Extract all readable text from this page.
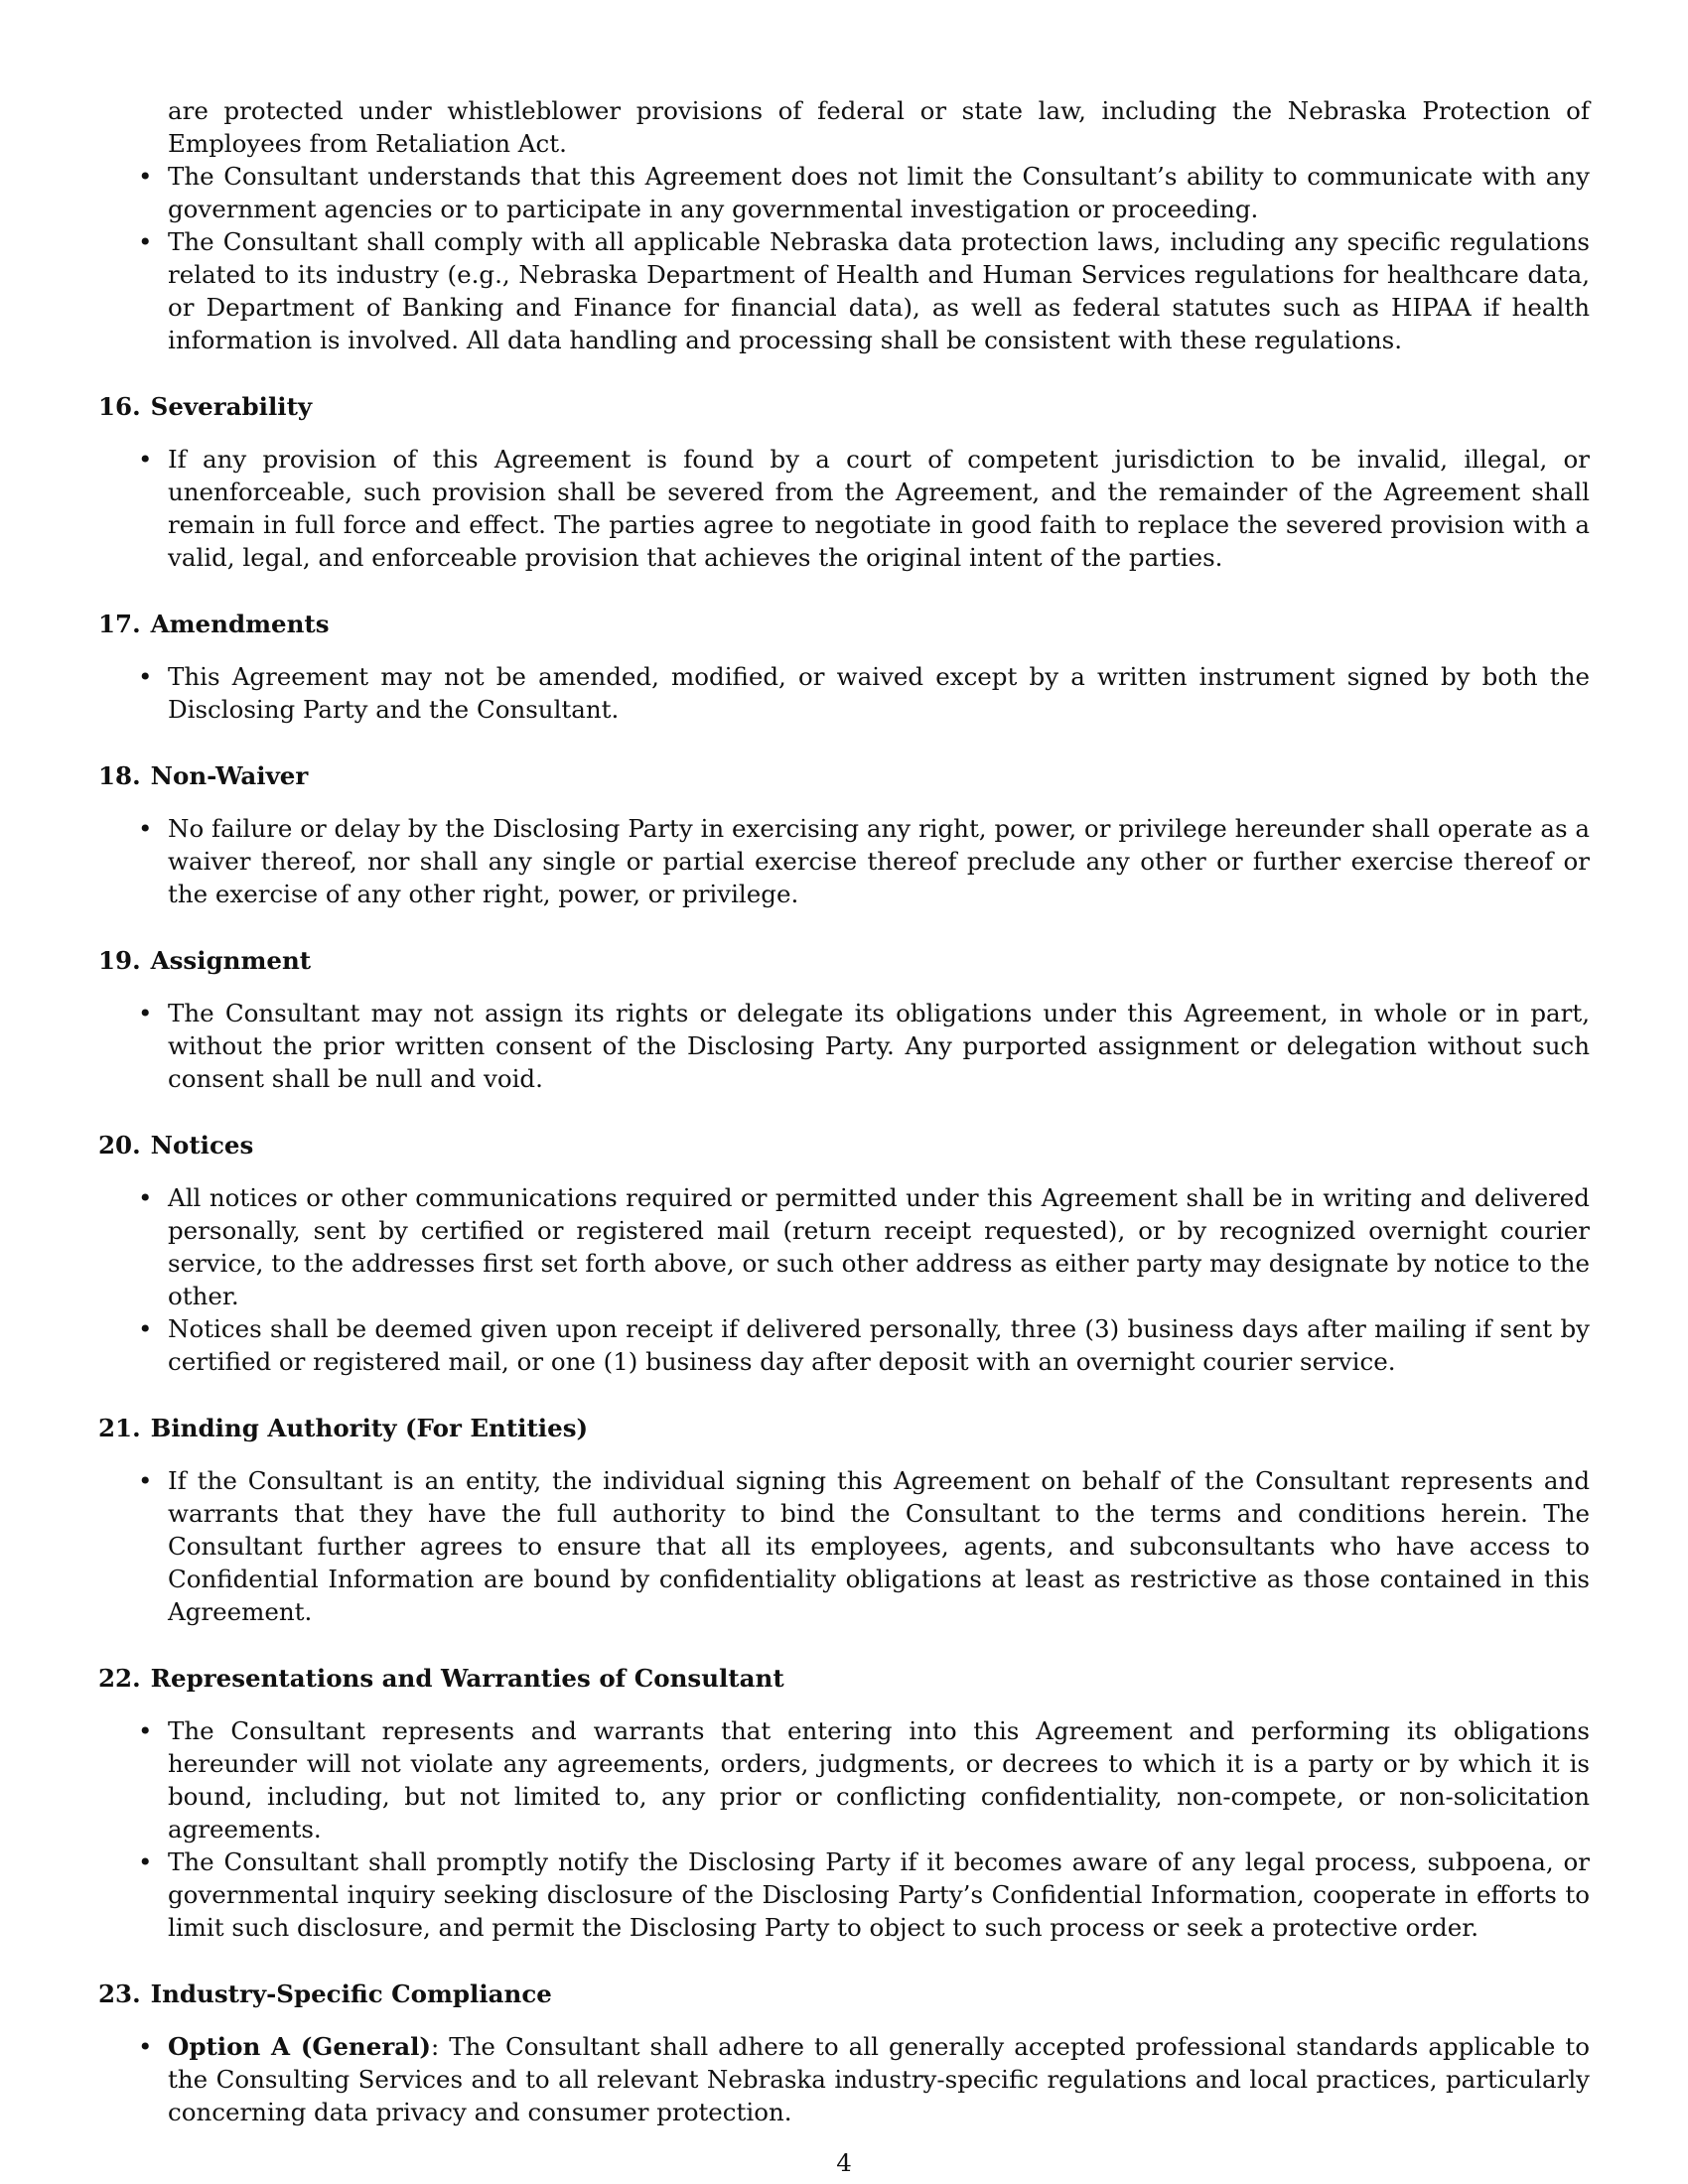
are protected under whistleblower provisions of federal or state law, including the Nebraska Protection of Employees from Retaliation Act.
• The Consultant understands that this Agreement does not limit the Consultant’s ability to communicate with any government agencies or to participate in any governmental investigation or proceeding.
• The Consultant shall comply with all applicable Nebraska data protection laws, including any specific regulations related to its industry (e.g., Nebraska Department of Health and Human Services regulations for healthcare data, or Department of Banking and Finance for financial data), as well as federal statutes such as HIPAA if health information is involved. All data handling and processing shall be consistent with these regulations.
16. Severability
• If any provision of this Agreement is found by a court of competent jurisdiction to be invalid, illegal, or unenforceable, such provision shall be severed from the Agreement, and the remainder of the Agreement shall remain in full force and effect. The parties agree to negotiate in good faith to replace the severed provision with a valid, legal, and enforceable provision that achieves the original intent of the parties.
17. Amendments
• This Agreement may not be amended, modified, or waived except by a written instrument signed by both the Disclosing Party and the Consultant.
18. Non-Waiver
• No failure or delay by the Disclosing Party in exercising any right, power, or privilege hereunder shall operate as a waiver thereof, nor shall any single or partial exercise thereof preclude any other or further exercise thereof or the exercise of any other right, power, or privilege.
19. Assignment
• The Consultant may not assign its rights or delegate its obligations under this Agreement, in whole or in part, without the prior written consent of the Disclosing Party. Any purported assignment or delegation without such consent shall be null and void.
20. Notices
• All notices or other communications required or permitted under this Agreement shall be in writing and delivered personally, sent by certified or registered mail (return receipt requested), or by recognized overnight courier service, to the addresses first set forth above, or such other address as either party may designate by notice to the other.
• Notices shall be deemed given upon receipt if delivered personally, three (3) business days after mailing if sent by certified or registered mail, or one (1) business day after deposit with an overnight courier service.
21. Binding Authority (For Entities)
• If the Consultant is an entity, the individual signing this Agreement on behalf of the Consultant represents and warrants that they have the full authority to bind the Consultant to the terms and conditions herein. The Consultant further agrees to ensure that all its employees, agents, and subconsultants who have access to Confidential Information are bound by confidentiality obligations at least as restrictive as those contained in this Agreement.
22. Representations and Warranties of Consultant
• The Consultant represents and warrants that entering into this Agreement and performing its obligations hereunder will not violate any agreements, orders, judgments, or decrees to which it is a party or by which it is bound, including, but not limited to, any prior or conflicting confidentiality, non-compete, or non-solicitation agreements.
• The Consultant shall promptly notify the Disclosing Party if it becomes aware of any legal process, subpoena, or governmental inquiry seeking disclosure of the Disclosing Party’s Confidential Information, cooperate in efforts to limit such disclosure, and permit the Disclosing Party to object to such process or seek a protective order.
23. Industry-Specific Compliance
• Option A (General): The Consultant shall adhere to all generally accepted professional standards applicable to the Consulting Services and to all relevant Nebraska industry-specific regulations and local practices, particularly concerning data privacy and consumer protection.
4
